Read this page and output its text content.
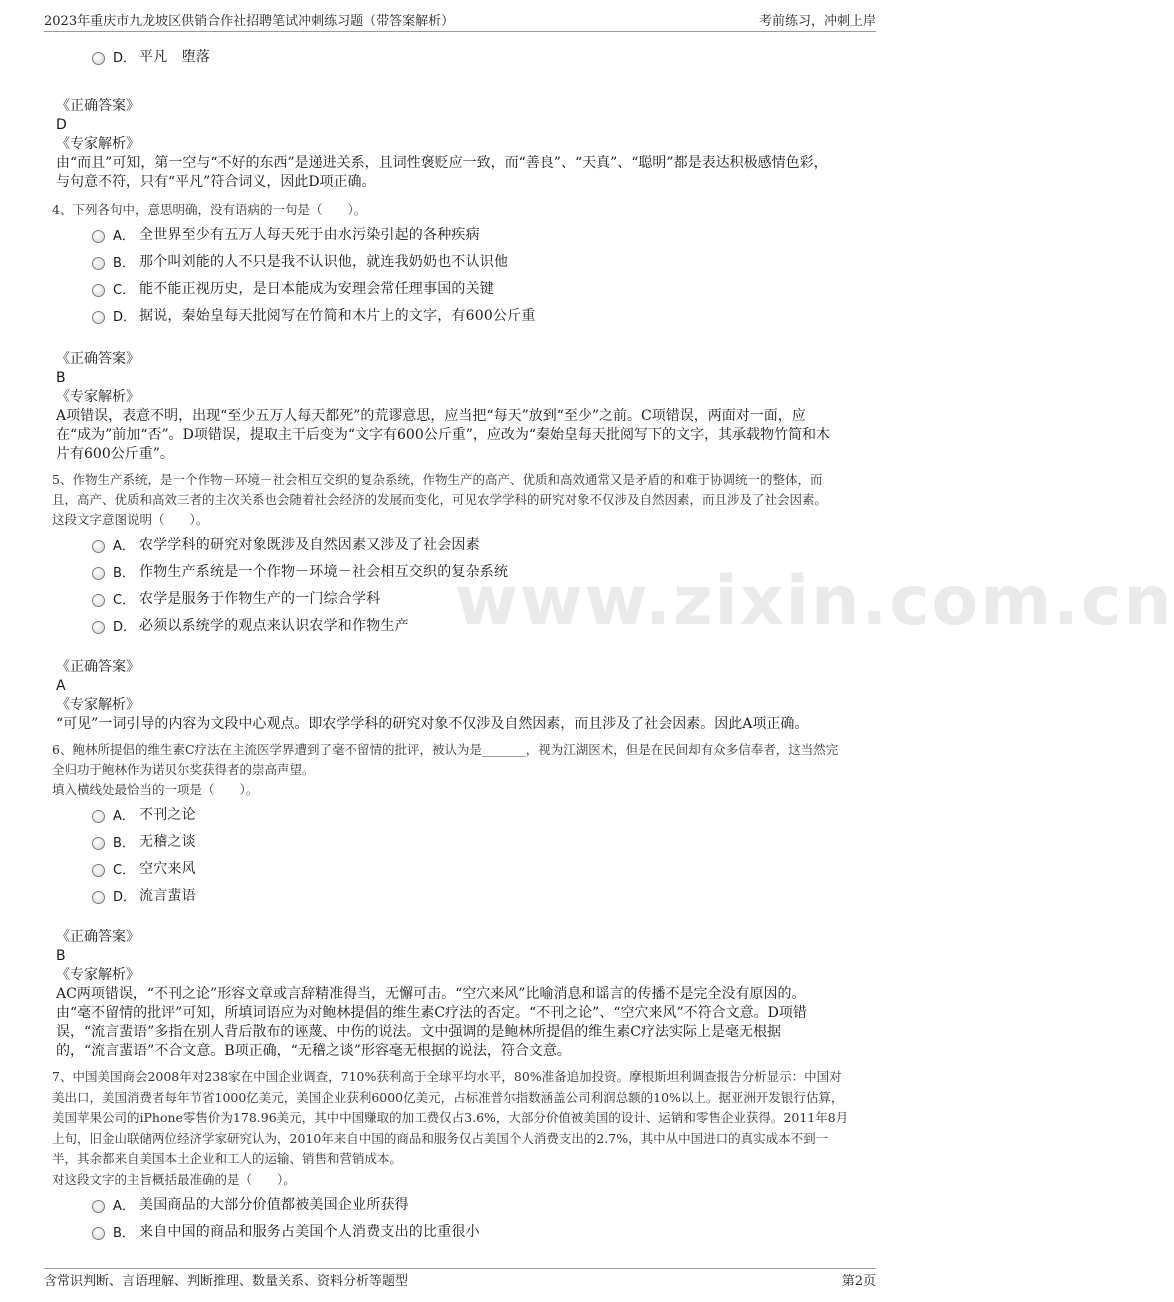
2023年重庆市九龙坡区供销合作社招聘笔试冲刺练习题（带答案解析）	考前练习，冲刺上岸
www.zixin.com.cn
D． 平凡　堕落
《正确答案》
D
《专家解析》
由“而且”可知，第一空与“不好的东西”是递进关系，且词性褒贬应一致，而“善良”、“天真”、“聪明”都是表达积极感情色彩，
与句意不符，只有“平凡”符合词义，因此D项正确。
4、下列各句中，意思明确，没有语病的一句是（　　）。
A． 全世界至少有五万人每天死于由水污染引起的各种疾病
B． 那个叫刘能的人不只是我不认识他，就连我奶奶也不认识他
C． 能不能正视历史，是日本能成为安理会常任理事国的关键
D． 据说，秦始皇每天批阅写在竹简和木片上的文字，有600公斤重
《正确答案》
B
《专家解析》
A项错误，表意不明，出现“至少五万人每天都死”的荒谬意思，应当把“每天”放到“至少”之前。C项错误，两面对一面，应
在“成为”前加“否”。D项错误，提取主干后变为“文字有600公斤重”，应改为“秦始皇每天批阅写下的文字，其承载物竹简和木
片有600公斤重”。
5、作物生产系统，是一个作物－环境－社会相互交织的复杂系统，作物生产的高产、优质和高效通常又是矛盾的和难于协调统一的整体，而
且，高产、优质和高效三者的主次关系也会随着社会经济的发展而变化，可见农学学科的研究对象不仅涉及自然因素，而且涉及了社会因素。
这段文字意图说明（　　）。
A． 农学学科的研究对象既涉及自然因素又涉及了社会因素
B． 作物生产系统是一个作物－环境－社会相互交织的复杂系统
C． 农学是服务于作物生产的一门综合学科
D． 必须以系统学的观点来认识农学和作物生产
《正确答案》
A
《专家解析》
“可见”一词引导的内容为文段中心观点。即农学学科的研究对象不仅涉及自然因素，而且涉及了社会因素。因此A项正确。
6、鲍林所提倡的维生素C疗法在主流医学界遭到了毫不留情的批评，被认为是_______，视为江湖医术，但是在民间却有众多信奉者，这当然完
全归功于鲍林作为诺贝尔奖获得者的崇高声望。
填入横线处最恰当的一项是（　　）。
A． 不刊之论
B． 无稽之谈
C． 空穴来风
D． 流言蜚语
《正确答案》
B
《专家解析》
AC两项错误，“不刊之论”形容文章或言辞精准得当，无懈可击。“空穴来风”比喻消息和谣言的传播不是完全没有原因的。
由“毫不留情的批评”可知，所填词语应为对鲍林提倡的维生素C疗法的否定。“不刊之论”、“空穴来风”不符合文意。D项错
误，“流言蜚语”多指在别人背后散布的诬蔑、中伤的说法。文中强调的是鲍林所提倡的维生素C疗法实际上是毫无根据
的，“流言蜚语”不合文意。B项正确，“无稽之谈”形容毫无根据的说法，符合文意。
7、中国美国商会2008年对238家在中国企业调查，710%获利高于全球平均水平，80%准备追加投资。摩根斯坦利调查报告分析显示：中国对
美出口，美国消费者每年节省1000亿美元，美国企业获利6000亿美元，占标准普尔指数涵盖公司利润总额的10%以上。据亚洲开发银行估算，
美国苹果公司的iPhone零售价为178.96美元，其中中国赚取的加工费仅占3.6%，大部分价值被美国的设计、运销和零售企业获得。2011年8月
上旬，旧金山联储两位经济学家研究认为，2010年来自中国的商品和服务仅占美国个人消费支出的2.7%，其中从中国进口的真实成本不到一
半，其余都来自美国本土企业和工人的运输、销售和营销成本。
对这段文字的主旨概括最准确的是（　　）。
A． 美国商品的大部分价值都被美国企业所获得
B． 来自中国的商品和服务占美国个人消费支出的比重很小
含常识判断、言语理解、判断推理、数量关系、资料分析等题型	第2页
